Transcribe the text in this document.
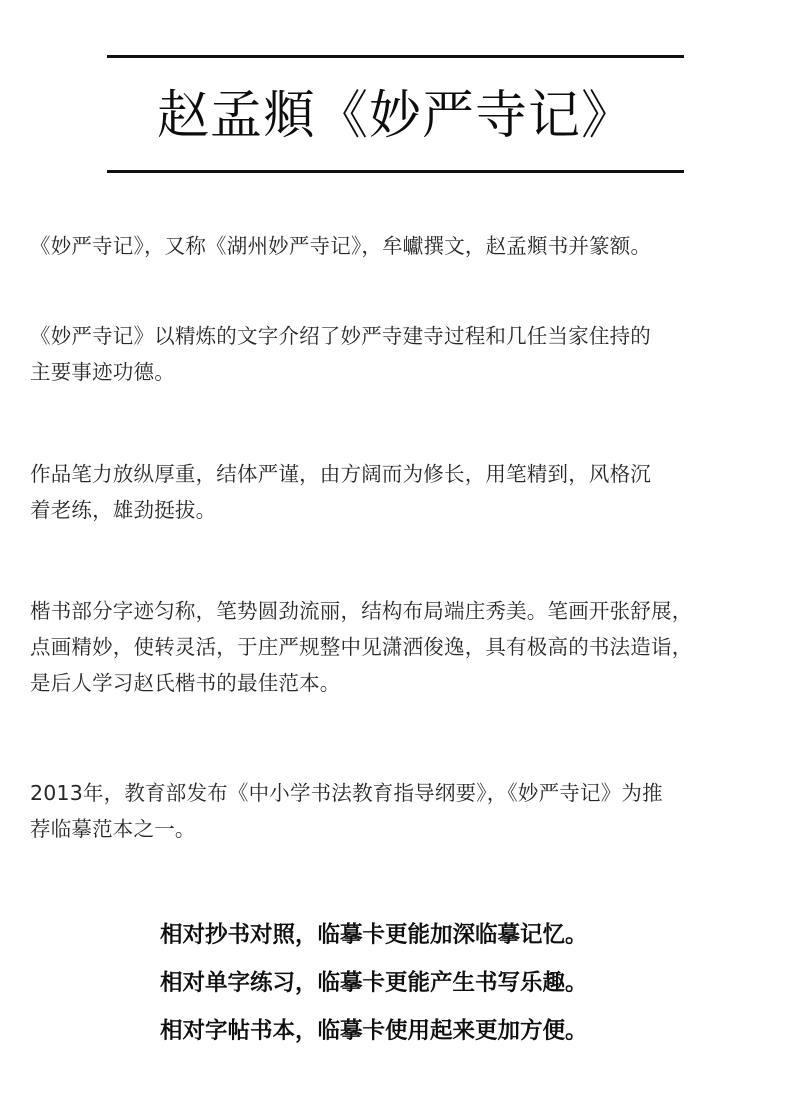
赵孟頫《妙严寺记》
《妙严寺记》，又称《湖州妙严寺记》，牟巘撰文，赵孟頫书并篆额。
《妙严寺记》以精炼的文字介绍了妙严寺建寺过程和几任当家住持的
主要事迹功德。
作品笔力放纵厚重，结体严谨，由方阔而为修长，用笔精到，风格沉
着老练，雄劲挺拔。
楷书部分字迹匀称，笔势圆劲流丽，结构布局端庄秀美。笔画开张舒展，
点画精妙，使转灵活，于庄严规整中见潇洒俊逸，具有极高的书法造诣，
是后人学习赵氏楷书的最佳范本。
2013年，教育部发布《中小学书法教育指导纲要》，《妙严寺记》为推
荐临摹范本之一。
相对抄书对照，临摹卡更能加深临摹记忆。
相对单字练习，临摹卡更能产生书写乐趣。
相对字帖书本，临摹卡使用起来更加方便。
